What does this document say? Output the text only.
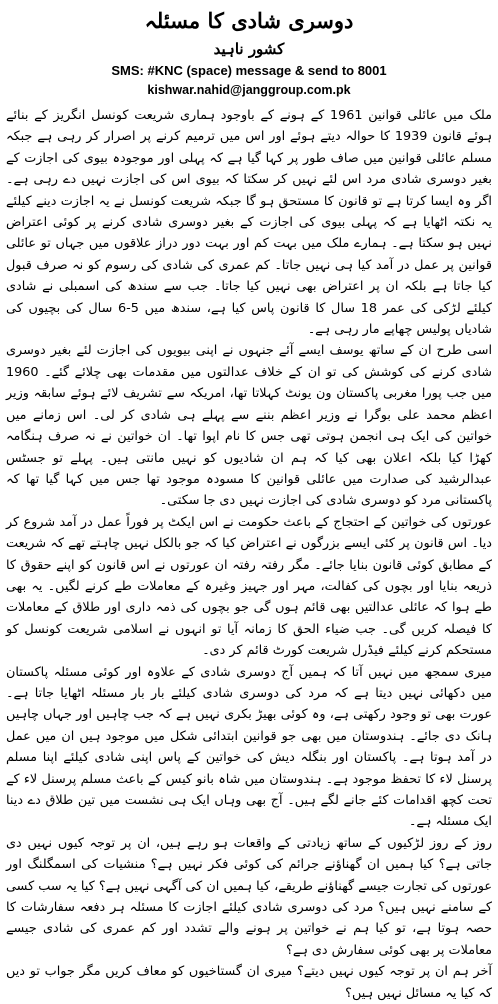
دوسری شادی کا مسئلہ
کشور ناہید
SMS: #KNC (space) message & send to 8001
kishwar.nahid@janggroup.com.pk

ملک میں عائلی قوانین 1961 کے ہونے کے باوجود ہماری شریعت کونسل انگریز کے بنائے ہوئے قانون 1939 کا حوالہ دیتے ہوئے اور اس میں ترمیم کرنے پر اصرار کر رہی ہے جبکہ مسلم عائلی قوانین میں صاف طور پر کہا گیا ہے کہ پہلی اور موجودہ بیوی کی اجازت کے بغیر دوسری شادی مرد اس لئے نہیں کر سکتا کہ بیوی اس کی اجازت نہیں دے رہی ہے۔ اگر وہ ایسا کرتا ہے تو قانون کا مستحق ہو گا جبکہ شریعت کونسل نے یہ اجازت دینے کیلئے یہ نکتہ اٹھایا ہے کہ پہلی بیوی کی اجازت کے بغیر دوسری شادی کرنے پر کوئی اعتراض نہیں ہو سکتا ہے۔ ہمارے ملک میں بہت کم اور بہت دور دراز علاقوں میں جہاں تو عائلی قوانین پر عمل در آمد کیا ہی نہیں جاتا۔ کم عمری کی شادی کی رسوم کو نہ صرف قبول کیا جاتا ہے بلکہ ان پر اعتراض بھی نہیں کیا جاتا۔ جب سے سندھ کی اسمبلی نے شادی کیلئے لڑکی کی عمر 18 سال کا قانون پاس کیا ہے، سندھ میں 5-6 سال کی بچیوں کی شادیاں پولیس چھاپے مار رہی ہے۔

اسی طرح ان کے ساتھ یوسف ایسے آئے جنہوں نے اپنی بیویوں کی اجازت لئے بغیر دوسری شادی کرنے کی کوشش کی تو ان کے خلاف عدالتوں میں مقدمات بھی چلائے گئے۔ 1960 میں جب پورا مغربی پاکستان ون یونٹ کہلاتا تھا، امریکہ سے تشریف لائے ہوئے سابقہ وزیر اعظم محمد علی بوگرا نے وزیر اعظم بننے سے پہلے ہی شادی کر لی۔ اس زمانے میں خواتین کی ایک ہی انجمن ہوتی تھی جس کا نام اپوا تھا۔ ان خواتین نے نہ صرف ہنگامہ کھڑا کیا بلکہ اعلان بھی کیا کہ ہم ان شادیوں کو نہیں مانتی ہیں۔ پہلے تو جسٹس عبدالرشید کی صدارت میں عائلی قوانین کا مسودہ موجود تھا جس میں کہا گیا تھا کہ پاکستانی مرد کو دوسری شادی کی اجازت نہیں دی جا سکتی۔

عورتوں کی خواتین کے احتجاج کے باعث حکومت نے اس ایکٹ پر فوراً عمل در آمد شروع کر دیا۔ اس قانون پر کئی ایسے بزرگوں نے اعتراض کیا کہ جو بالکل نہیں چاہتے تھے کہ شریعت کے مطابق کوئی قانون بنایا جائے۔ مگر رفتہ رفتہ ان عورتوں نے اس قانون کو اپنے حقوق کا ذریعہ بنایا اور بچوں کی کفالت، مہر اور جہیز وغیرہ کے معاملات طے کرنے لگیں۔ یہ بھی طے ہوا کہ عائلی عدالتیں بھی قائم ہوں گی جو بچوں کی ذمہ داری اور طلاق کے معاملات کا فیصلہ کریں گی۔ جب ضیاء الحق کا زمانہ آیا تو انہوں نے اسلامی شریعت کونسل کو مستحکم کرنے کیلئے فیڈرل شریعت کورٹ قائم کر دی۔

میری سمجھ میں نہیں آتا کہ ہمیں آج دوسری شادی کے علاوہ اور کوئی مسئلہ پاکستان میں دکھائی نہیں دیتا ہے کہ مرد کی دوسری شادی کیلئے بار بار مسئلہ اٹھایا جاتا ہے۔ عورت بھی تو وجود رکھتی ہے، وہ کوئی بھیڑ بکری نہیں ہے کہ جب چاہیں اور جہاں چاہیں ہانک دی جائے۔ ہندوستان میں بھی جو قوانین ابتدائی شکل میں موجود ہیں ان میں عمل در آمد ہوتا ہے۔ پاکستان اور بنگلہ دیش کی خواتین کے پاس اپنی شادی کیلئے اپنا مسلم پرسنل لاء کا تحفظ موجود ہے۔ ہندوستان میں شاہ بانو کیس کے باعث مسلم پرسنل لاء کے تحت کچھ اقدامات کئے جانے لگے ہیں۔ آج بھی وہاں ایک ہی نشست میں تین طلاق دے دینا ایک مسئلہ ہے۔

روز کے روز لڑکیوں کے ساتھ زیادتی کے واقعات ہو رہے ہیں، ان پر توجہ کیوں نہیں دی جاتی ہے؟ کیا ہمیں ان گھناؤنے جرائم کی کوئی فکر نہیں ہے؟ منشیات کی اسمگلنگ اور عورتوں کی تجارت جیسے گھناؤنے طریقے، کیا ہمیں ان کی آگہی نہیں ہے؟ کیا یہ سب کسی کے سامنے نہیں ہیں؟ مرد کی دوسری شادی کیلئے اجازت کا مسئلہ ہر دفعہ سفارشات کا حصہ ہوتا ہے، تو کیا ہم نے خواتین پر ہونے والے تشدد اور کم عمری کی شادی جیسے معاملات پر بھی کوئی سفارش دی ہے؟

آخر ہم ان پر توجہ کیوں نہیں دیتے؟ میری ان گستاخیوں کو معاف کریں مگر جواب تو دیں کہ کیا یہ مسائل نہیں ہیں؟
